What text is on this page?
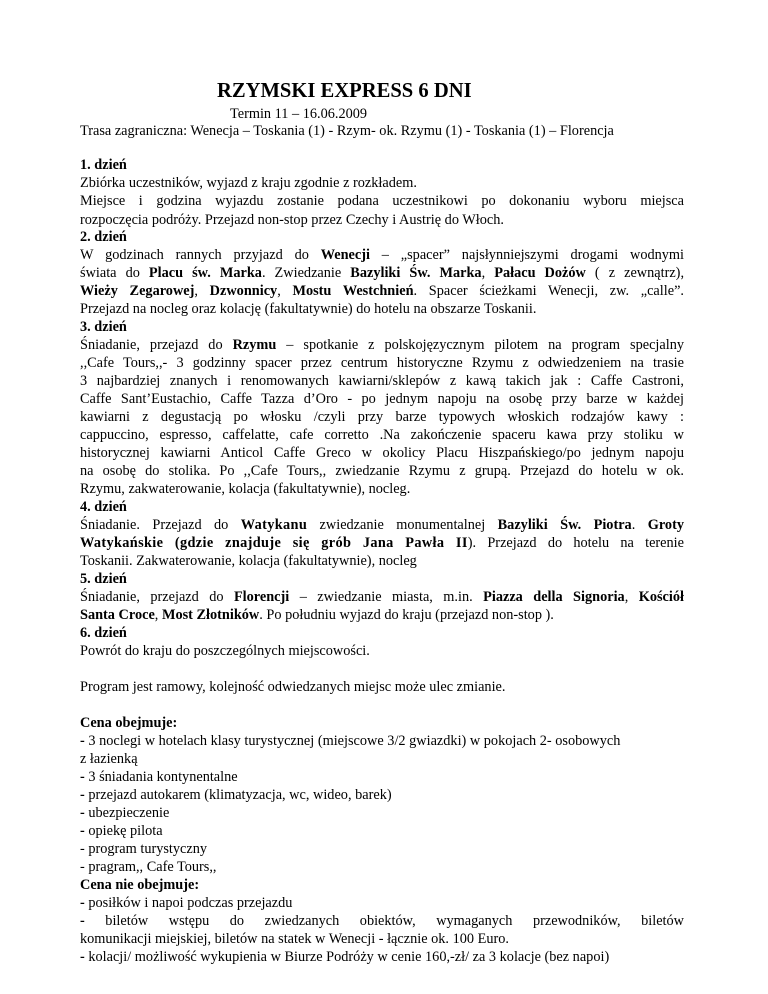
RZYMSKI EXPRESS 6 DNI
Termin 11 – 16.06.2009
Trasa zagraniczna: Wenecja – Toskania (1) - Rzym- ok. Rzymu (1) - Toskania (1) – Florencja
1. dzień
Zbiórka uczestników, wyjazd z kraju zgodnie z rozkładem.
Miejsce i godzina wyjazdu zostanie podana uczestnikowi po dokonaniu wyboru miejsca
rozpoczęcia podróży. Przejazd non-stop przez Czechy i Austrię do Włoch.
2. dzień
W godzinach rannych przyjazd do Wenecji – „spacer” najsłynniejszymi drogami wodnymi
świata do Placu św. Marka. Zwiedzanie Bazyliki Św. Marka, Pałacu Dożów ( z zewnątrz),
Wieży Zegarowej, Dzwonnicy, Mostu Westchnień. Spacer ścieżkami Wenecji, zw. „calle”.
Przejazd na nocleg oraz kolację (fakultatywnie) do hotelu na obszarze Toskanii.
3. dzień
Śniadanie, przejazd do Rzymu – spotkanie z polskojęzycznym pilotem na program specjalny
,,Cafe Tours,,- 3 godzinny spacer przez centrum historyczne Rzymu z odwiedzeniem na trasie
3 najbardziej znanych i renomowanych kawiarni/sklepów z kawą takich jak : Caffe Castroni,
Caffe Sant’Eustachio, Caffe Tazza d’Oro - po jednym napoju na osobę przy barze w każdej
kawiarni z degustacją po włosku /czyli przy barze typowych włoskich rodzajów kawy :
cappuccino, espresso, caffelatte, cafe corretto .Na zakończenie spaceru kawa przy stoliku w
historycznej kawiarni Anticol Caffe Greco w okolicy Placu Hiszpańskiego/po jednym napoju
na osobę do stolika. Po ,,Cafe Tours,, zwiedzanie Rzymu z grupą. Przejazd do hotelu w ok.
Rzymu, zakwaterowanie, kolacja (fakultatywnie), nocleg.
4. dzień
Śniadanie. Przejazd do Watykanu zwiedzanie monumentalnej Bazyliki Św. Piotra. Groty
Watykańskie (gdzie znajduje się grób Jana Pawła II). Przejazd do hotelu na terenie
Toskanii. Zakwaterowanie, kolacja (fakultatywnie), nocleg
5. dzień
Śniadanie, przejazd do Florencji – zwiedzanie miasta, m.in. Piazza della Signoria, Kościół
Santa Croce, Most Złotników. Po południu wyjazd do kraju (przejazd non-stop ).
6. dzień
Powrót do kraju do poszczególnych miejscowości.
Program jest ramowy, kolejność odwiedzanych miejsc może ulec zmianie.
Cena obejmuje:
- 3 noclegi w hotelach klasy turystycznej (miejscowe 3/2 gwiazdki) w pokojach 2- osobowych
z łazienką
- 3 śniadania kontynentalne
- przejazd autokarem (klimatyzacja, wc, wideo, barek)
- ubezpieczenie
- opiekę pilota
- program turystyczny
- pragram,, Cafe Tours,,
Cena nie obejmuje:
- posiłków i napoi podczas przejazdu
- biletów wstępu do zwiedzanych obiektów, wymaganych przewodników, biletów
komunikacji miejskiej, biletów na statek w Wenecji - łącznie ok. 100 Euro.
- kolacji/ możliwość wykupienia w Biurze Podróży w cenie 160,-zł/ za 3 kolacje (bez napoi)
